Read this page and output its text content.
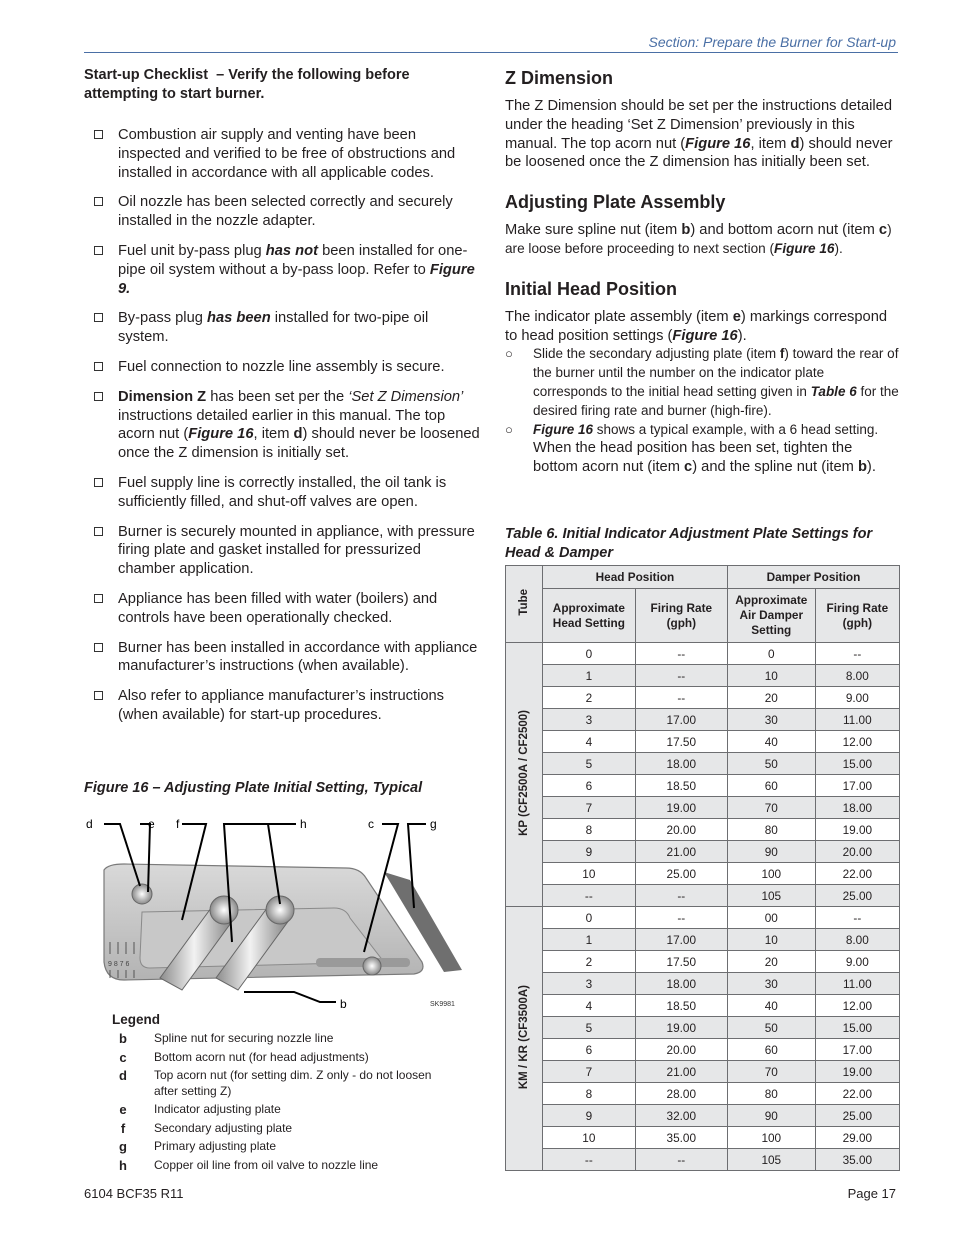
Section: Prepare the Burner for Start-up
Start-up Checklist – Verify the following before attempting to start burner.
Combustion air supply and venting have been inspected and verified to be free of obstructions and installed in accordance with all applicable codes.
Oil nozzle has been selected correctly and securely installed in the nozzle adapter.
Fuel unit by-pass plug has not been installed for one-pipe oil system without a by-pass loop. Refer to Figure 9.
By-pass plug has been installed for two-pipe oil system.
Fuel connection to nozzle line assembly is secure.
Dimension Z has been set per the ‘Set Z Dimension’ instructions detailed earlier in this manual. The top acorn nut (Figure 16, item d) should never be loosened once the Z dimension is initially set.
Fuel supply line is correctly installed, the oil tank is sufficiently filled, and shut-off valves are open.
Burner is securely mounted in appliance, with pressure firing plate and gasket installed for pressurized chamber application.
Appliance has been filled with water (boilers) and controls have been operationally checked.
Burner has been installed in accordance with appliance manufacturer’s instructions (when available).
Also refer to appliance manufacturer’s instructions (when available) for start-up procedures.
Figure 16 – Adjusting Plate Initial Setting, Typical
9 8 7 6
d	e f	h	c	g
b	SK9981
Legend
b	Spline nut for securing nozzle line
c	Bottom acorn nut (for head adjustments)
d	Top acorn nut (for setting dim. Z only - do not loosen after setting Z)
e	Indicator adjusting plate
f	Secondary adjusting plate
g	Primary adjusting plate
h	Copper oil line from oil valve to nozzle line
Z Dimension
The Z Dimension should be set per the instructions detailed under the heading ‘Set Z Dimension’ previously in this manual. The top acorn nut (Figure 16, item d) should never be loosened once the Z dimension has initially been set.
Adjusting Plate Assembly
Make sure spline nut (item b) and bottom acorn nut (item c) are loose before proceeding to next section (Figure 16).
Initial Head Position
The indicator plate assembly (item e) markings correspond to head position settings (Figure 16).
○ Slide the secondary adjusting plate (item f) toward the rear of the burner until the number on the indicator plate corresponds to the initial head setting given in Table 6 for the desired firing rate and burner (high-fire).
○ Figure 16 shows a typical example, with a 6 head setting.
When the head position has been set, tighten the bottom acorn nut (item c) and the spline nut (item b).
Table 6. Initial Indicator Adjustment Plate Settings for Head & Damper
Tube	Head Position		Damper Position	
	Approximate Head Setting	Firing Rate (gph)	Approximate Air Damper Setting	Firing Rate (gph)
KP (CF2500A / CF2500)	0	--	0	--
	1	--	10	8.00
	2	--	20	9.00
	3	17.00	30	11.00
	4	17.50	40	12.00
	5	18.00	50	15.00
	6	18.50	60	17.00
	7	19.00	70	18.00
	8	20.00	80	19.00
	9	21.00	90	20.00
	10	25.00	100	22.00
	--	--	105	25.00
KM / KR (CF3500A)	0	--	00	--
	1	17.00	10	8.00
	2	17.50	20	9.00
	3	18.00	30	11.00
	4	18.50	40	12.00
	5	19.00	50	15.00
	6	20.00	60	17.00
	7	21.00	70	19.00
	8	28.00	80	22.00
	9	32.00	90	25.00
	10	35.00	100	29.00
	--	--	105	35.00
6104 BCF35 R11	Page 17
